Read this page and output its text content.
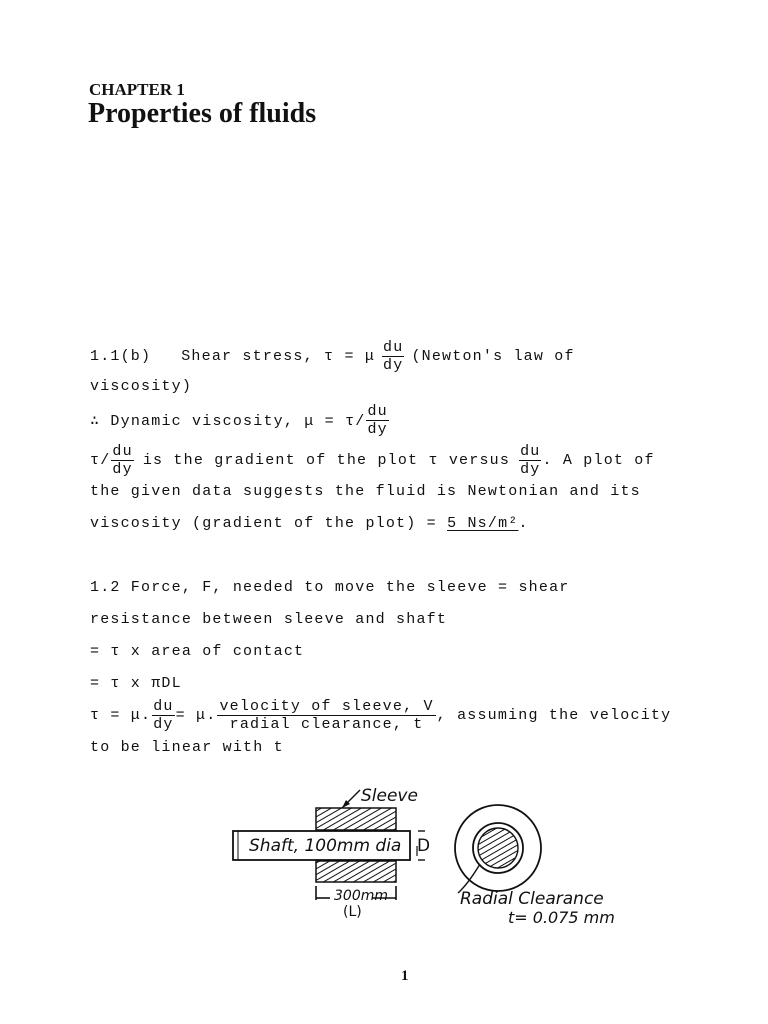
CHAPTER 1
Properties of fluids
1.1(b) Shear stress, τ = μ $\frac{du}{dy}$ (Newton's law of
viscosity)
∴ Dynamic viscosity, $\mu = \tau/ \frac{du}{dy}$
$\tau/ \frac{du}{dy}$ is the gradient of the plot τ versus $\frac{du}{dy}$ . A plot of
the given data suggests the fluid is Newtonian and its
viscosity (gradient of the plot) = 5 Ns/m².
1.2 Force, F, needed to move the sleeve = shear
resistance between sleeve and shaft
= τ x area of contact
= τ x πDL
τ = μ. $\frac{du}{dy} = \mu$. $\frac{\text{velocity of sleeve, V}}{\text{radial clearance, t}}$ , assuming the velocity
to be linear with t
Sleeve
Shaft, 100mm dia D
300mm
(L)
Radial Clearance
t= 0.075 mm
1
